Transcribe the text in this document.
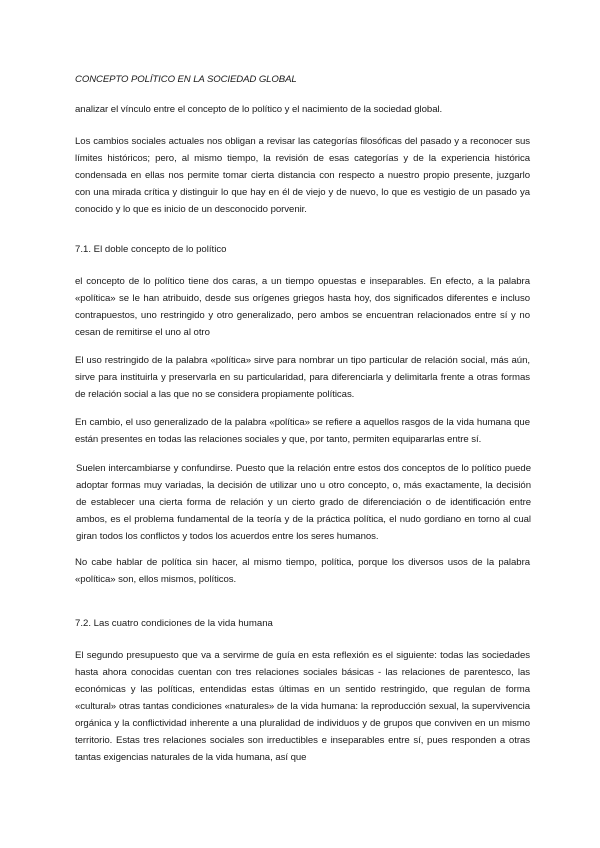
CONCEPTO POLÍTICO EN LA SOCIEDAD GLOBAL
analizar el vínculo entre el concepto de lo político y el nacimiento de la sociedad global.
Los cambios sociales actuales nos obligan a revisar las categorías filosóficas del pasado y a reconocer sus límites históricos; pero, al mismo tiempo, la revisión de esas categorías y de la experiencia histórica condensada en ellas nos permite tomar cierta distancia con respecto a nuestro propio presente, juzgarlo con una mirada crítica y distinguir lo que hay en él de viejo y de nuevo, lo que es vestigio de un pasado ya conocido y lo que es inicio de un desconocido porvenir.
7.1. El doble concepto de lo político
el concepto de lo político tiene dos caras, a un tiempo opuestas e inseparables. En efecto, a la palabra «política» se le han atribuido, desde sus orígenes griegos hasta hoy, dos significados diferentes e incluso contrapuestos, uno restringido y otro generalizado, pero ambos se encuentran relacionados entre sí y no cesan de remitirse el uno al otro
El uso restringido de la palabra «política» sirve para nombrar un tipo particular de relación social, más aún, sirve para instituirla y preservarla en su particularidad, para diferenciarla y delimitarla frente a otras formas de relación social a las que no se considera propiamente políticas.
En cambio, el uso generalizado de la palabra «política» se refiere a aquellos rasgos de la vida humana que están presentes en todas las relaciones sociales y que, por tanto, permiten equipararlas entre sí.
Suelen intercambiarse y confundirse. Puesto que la relación entre estos dos conceptos de lo político puede adoptar formas muy variadas, la decisión de utilizar uno u otro concepto, o, más exactamente, la decisión de establecer una cierta forma de relación y un cierto grado de diferenciación o de identificación entre ambos, es el problema fundamental de la teoría y de la práctica política, el nudo gordiano en torno al cual giran todos los conflictos y todos los acuerdos entre los seres humanos.
No cabe hablar de política sin hacer, al mismo tiempo, política, porque los diversos usos de la palabra «política» son, ellos mismos, políticos.
7.2. Las cuatro condiciones de la vida humana
El segundo presupuesto que va a servirme de guía en esta reflexión es el siguiente: todas las sociedades hasta ahora conocidas cuentan con tres relaciones sociales básicas - las relaciones de parentesco, las económicas y las políticas, entendidas estas últimas en un sentido restringido, que regulan de forma «cultural» otras tantas condiciones «naturales» de la vida humana: la reproducción sexual, la supervivencia orgánica y la conflictividad inherente a una pluralidad de individuos y de grupos que conviven en un mismo territorio. Estas tres relaciones sociales son irreductibles e inseparables entre sí, pues responden a otras tantas exigencias naturales de la vida humana, así que
